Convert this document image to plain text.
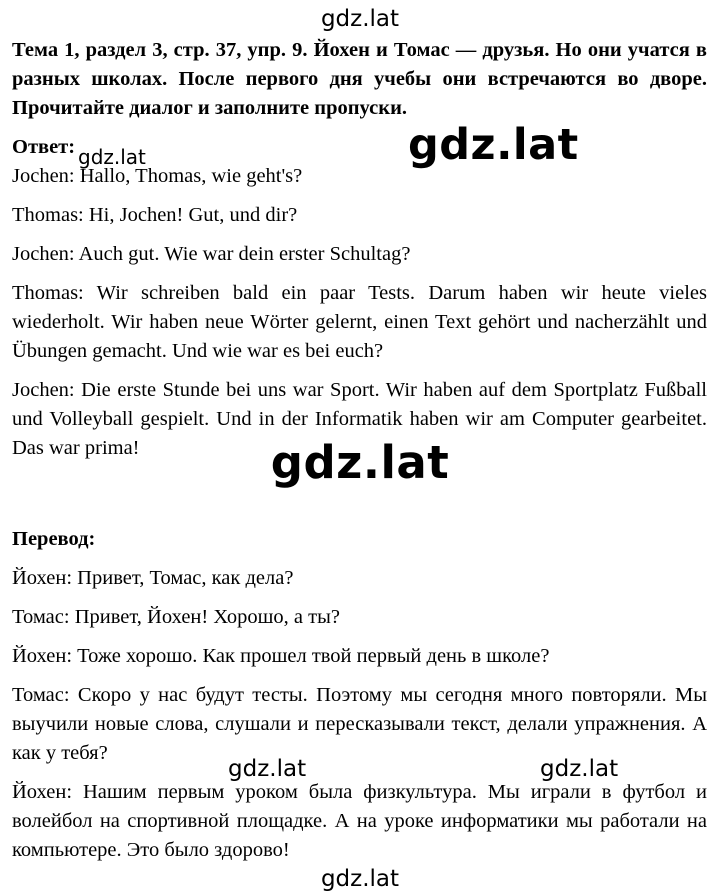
Тема 1, раздел 3, стр. 37, упр. 9. Йохен и Томас — друзья. Но они учатся в разных школах. После первого дня учебы они встречаются во дворе. Прочитайте диалог и заполните пропуски.

Ответ:

Jochen: Hallo, Thomas, wie geht's?

Thomas: Hi, Jochen! Gut, und dir?

Jochen: Auch gut. Wie war dein erster Schultag?

Thomas: Wir schreiben bald ein paar Tests. Darum haben wir heute vieles wiederholt. Wir haben neue Wörter gelernt, einen Text gehört und nacherzählt und Übungen gemacht. Und wie war es bei euch?

Jochen: Die erste Stunde bei uns war Sport. Wir haben auf dem Sportplatz Fußball und Volleyball gespielt. Und in der Informatik haben wir am Computer gearbeitet. Das war prima!

Перевод:

Йохен: Привет, Томас, как дела?

Томас: Привет, Йохен! Хорошо, а ты?

Йохен: Тоже хорошо. Как прошел твой первый день в школе?

Томас: Скоро у нас будут тесты. Поэтому мы сегодня много повторяли. Мы выучили новые слова, слушали и пересказывали текст, делали упражнения. А как у тебя?

Йохен: Нашим первым уроком была физкультура. Мы играли в футбол и волейбол на спортивной площадке. А на уроке информатики мы работали на компьютере. Это было здорово!

gdz.lat
gdz.lat
gdz.lat
gdz.lat
gdz.lat	gdz.lat
gdz.lat
